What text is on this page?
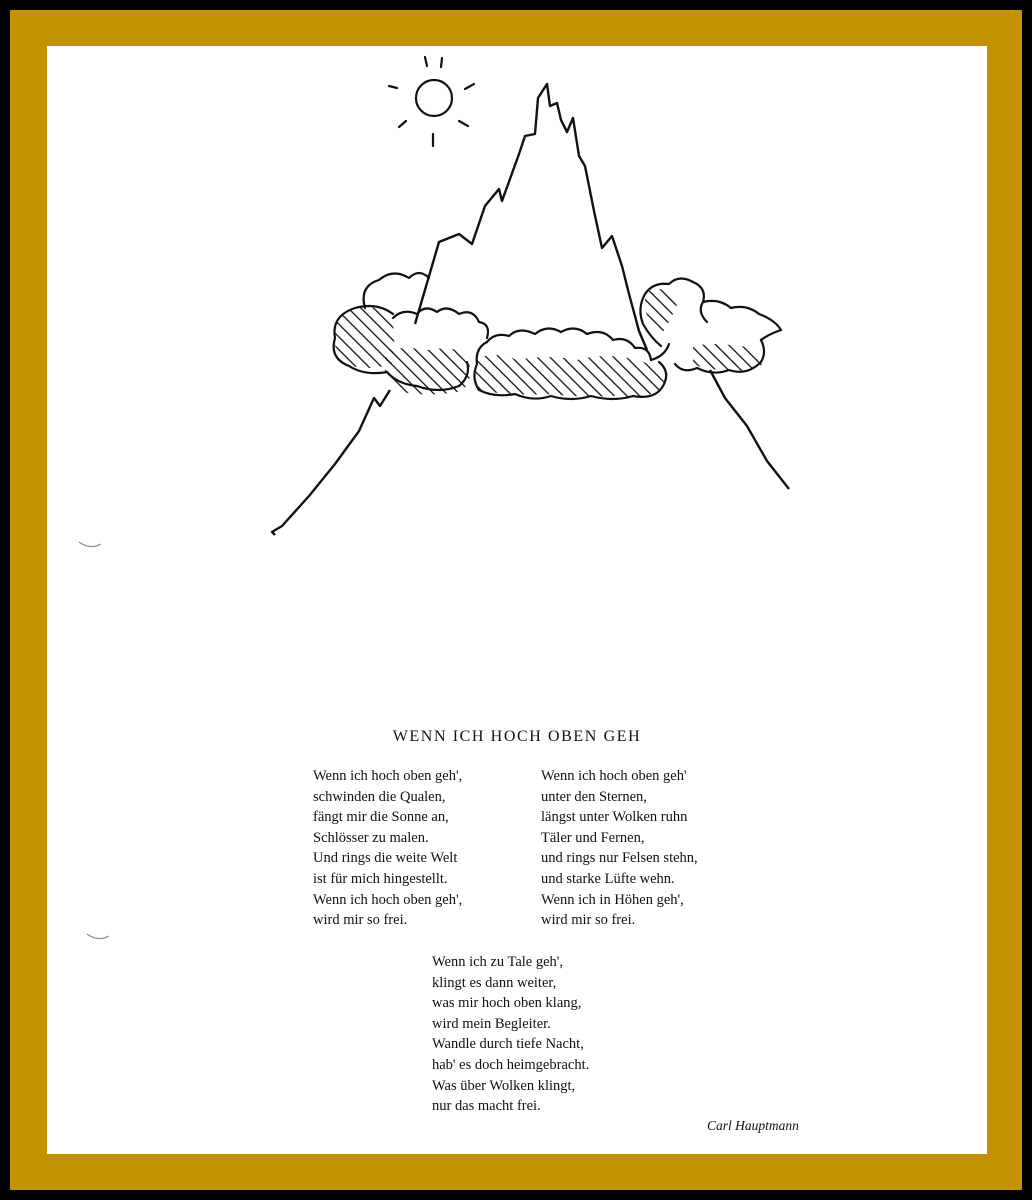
WENN ICH HOCH OBEN GEH
Wenn ich hoch oben geh',
schwinden die Qualen,
fängt mir die Sonne an,
Schlösser zu malen.
Und rings die weite Welt
ist für mich hingestellt.
Wenn ich hoch oben geh',
wird mir so frei.
Wenn ich hoch oben geh'
unter den Sternen,
längst unter Wolken ruhn
Täler und Fernen,
und rings nur Felsen stehn,
und starke Lüfte wehn.
Wenn ich in Höhen geh',
wird mir so frei.
Wenn ich zu Tale geh',
klingt es dann weiter,
was mir hoch oben klang,
wird mein Begleiter.
Wandle durch tiefe Nacht,
hab' es doch heimgebracht.
Was über Wolken klingt,
nur das macht frei.
Carl Hauptmann
